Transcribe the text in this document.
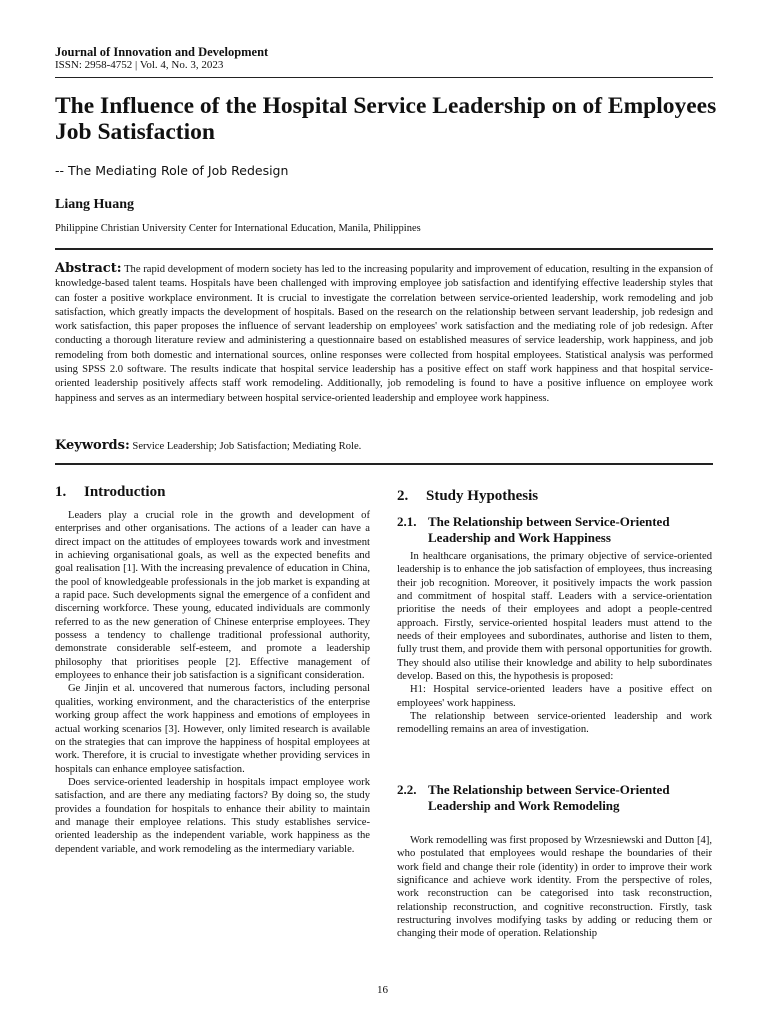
Journal of Innovation and Development
ISSN: 2958-4752 | Vol. 4, No. 3, 2023
The Influence of the Hospital Service Leadership on of Employees Job Satisfaction
-- The Mediating Role of Job Redesign
Liang Huang
Philippine Christian University Center for International Education, Manila, Philippines
Abstract: The rapid development of modern society has led to the increasing popularity and improvement of education, resulting in the expansion of knowledge-based talent teams. Hospitals have been challenged with improving employee job satisfaction and identifying effective leadership styles that can foster a positive workplace environment. It is crucial to investigate the correlation between service-oriented leadership, work remodeling and job satisfaction, which greatly impacts the development of hospitals. Based on the research on the relationship between servant leadership, job redesign and work satisfaction, this paper proposes the influence of servant leadership on employees' work satisfaction and the mediating role of job redesign. After conducting a thorough literature review and administering a questionnaire based on established measures of service leadership, work happiness, and job remodeling from both domestic and international sources, online responses were collected from hospital employees. Statistical analysis was performed using SPSS 2.0 software. The results indicate that hospital service leadership has a positive effect on staff work happiness and that hospital service-oriented leadership positively affects staff work remodeling. Additionally, job remodeling is found to have a positive influence on employee work happiness and serves as an intermediary between hospital service-oriented leadership and employee work happiness.
Keywords: Service Leadership; Job Satisfaction; Mediating Role.
1. Introduction

Leaders play a crucial role in the growth and development of enterprises and other organisations. The actions of a leader can have a direct impact on the attitudes of employees towards work and investment in achieving organisational goals, as well as the expected benefits and goal realisation [1]. With the increasing prevalence of education in China, the pool of knowledgeable professionals in the job market is expanding at a rapid pace. Such developments signal the emergence of a confident and discerning workforce. These young, educated individuals are commonly referred to as the new generation of Chinese enterprise employees. They possess a tendency to challenge traditional professional authority, demonstrate considerable self-esteem, and promote a leadership philosophy that prioritises people [2]. Effective management of employees to enhance their job satisfaction is a significant consideration.

Ge Jinjin et al. uncovered that numerous factors, including personal qualities, working environment, and the characteristics of the enterprise working group affect the work happiness and emotions of employees in actual working scenarios [3]. However, only limited research is available on the strategies that can improve the happiness of hospital employees at work. Therefore, it is crucial to investigate whether providing services in hospitals can enhance employee satisfaction.

Does service-oriented leadership in hospitals impact employee work satisfaction, and are there any mediating factors? By doing so, the study provides a foundation for hospitals to enhance their ability to maintain and manage their employee relations. This study establishes service-oriented leadership as the independent variable, work happiness as the dependent variable, and work remodeling as the intermediary variable.

2. Study Hypothesis
2.1. The Relationship between Service-Oriented Leadership and Work Happiness

In healthcare organisations, the primary objective of service-oriented leadership is to enhance the job satisfaction of employees, thus increasing their job recognition. Moreover, it positively impacts the work passion and commitment of hospital staff. Leaders with a service-orientation prioritise the needs of their employees and adopt a people-centred approach. Firstly, service-oriented hospital leaders must attend to the needs of their employees and subordinates, authorise and listen to them, fully trust them, and provide them with personal opportunities for growth. They should also utilise their knowledge and ability to help subordinates develop. Based on this, the hypothesis is proposed:

H1: Hospital service-oriented leaders have a positive effect on employees' work happiness.

The relationship between service-oriented leadership and work remodelling remains an area of investigation.

2.2. The Relationship between Service-Oriented Leadership and Work Remodeling

Work remodelling was first proposed by Wrzesniewski and Dutton [4], who postulated that employees would reshape the boundaries of their work field and change their role (identity) in order to improve their work significance and achieve work identity. From the perspective of roles, work reconstruction can be categorised into task reconstruction, relationship reconstruction, and cognitive reconstruction. Firstly, task restructuring involves modifying tasks by adding or reducing them or changing their mode of operation. Relationship

16
